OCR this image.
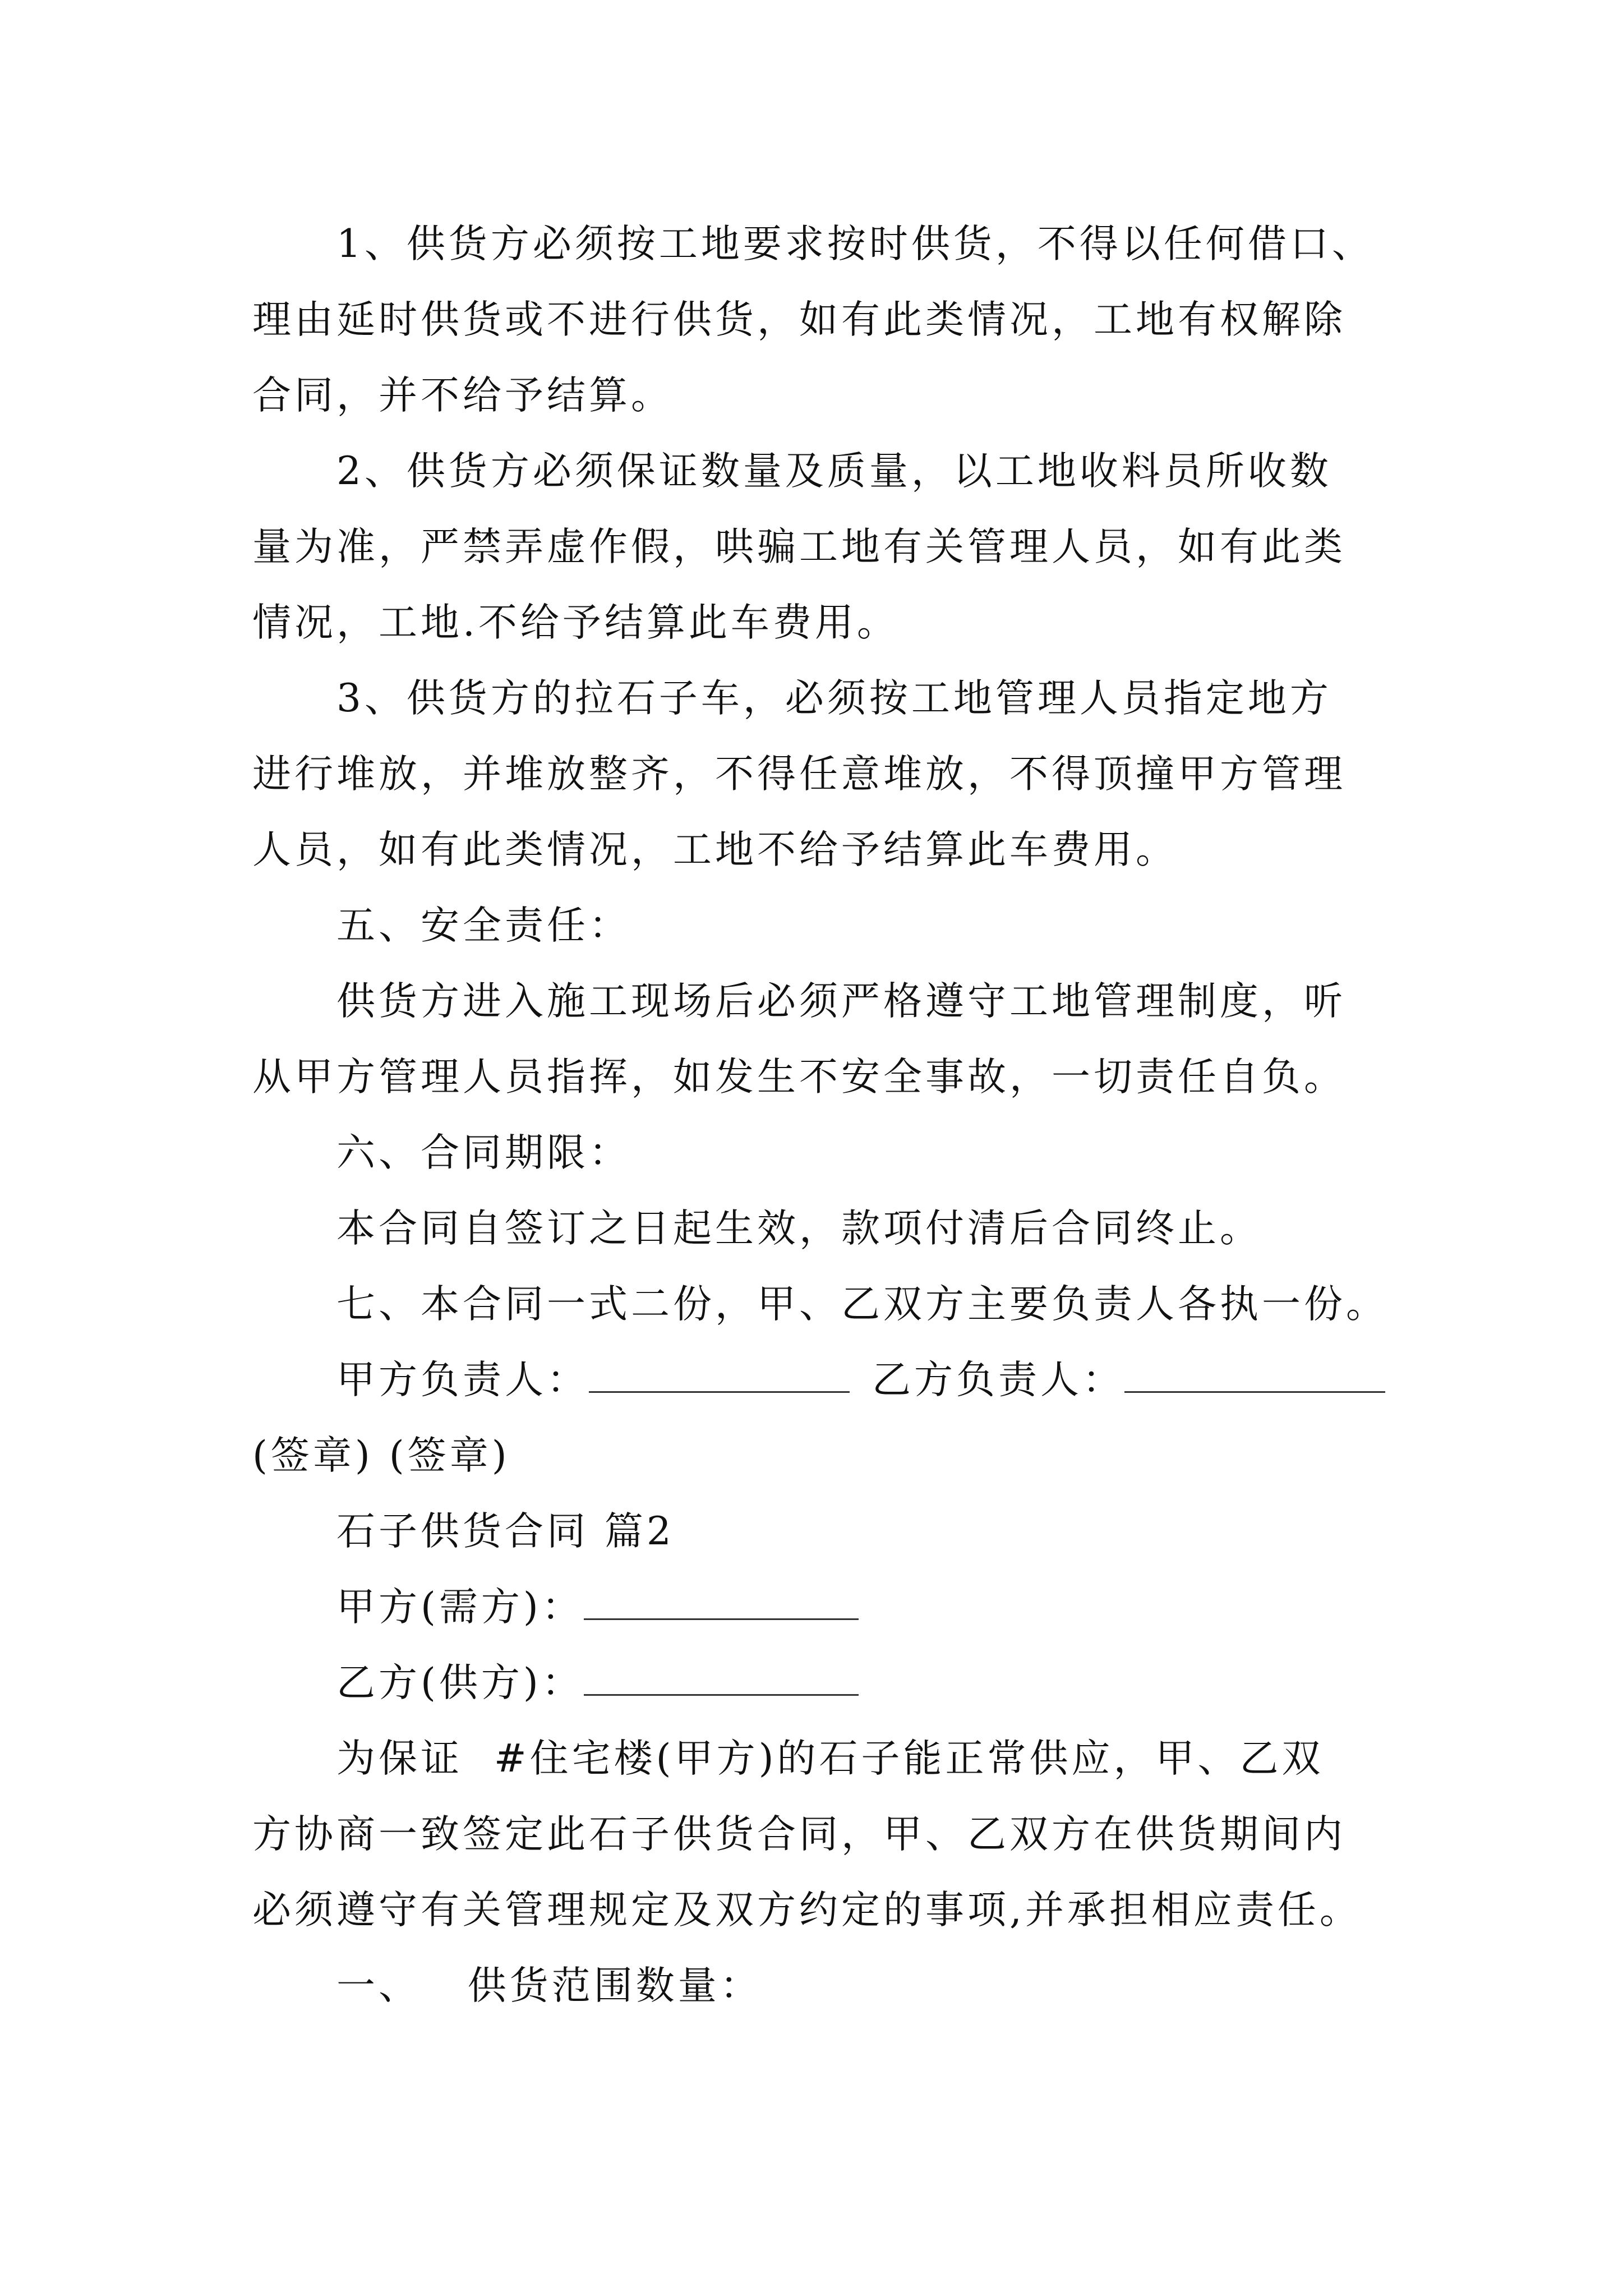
1、供货方必须按工地要求按时供货，不得以任何借口、
理由延时供货或不进行供货，如有此类情况，工地有权解除
合同，并不给予结算。
2、供货方必须保证数量及质量，以工地收料员所收数
量为准，严禁弄虚作假，哄骗工地有关管理人员，如有此类
情况，工地.不给予结算此车费用。
3、供货方的拉石子车，必须按工地管理人员指定地方
进行堆放，并堆放整齐，不得任意堆放，不得顶撞甲方管理
人员，如有此类情况，工地不给予结算此车费用。
五、安全责任：
供货方进入施工现场后必须严格遵守工地管理制度，听
从甲方管理人员指挥，如发生不安全事故，一切责任自负。
六、合同期限：
本合同自签订之日起生效，款项付清后合同终止。
七、本合同一式二份，甲、乙双方主要负责人各执一份。
甲方负责人：	乙方负责人：
(签章) (签章)
石子供货合同 篇2
甲方(需方)：
乙方(供方)：
为保证  #住宅楼(甲方)的石子能正常供应，甲、乙双
方协商一致签定此石子供货合同，甲、乙双方在供货期间内
必须遵守有关管理规定及双方约定的事项,并承担相应责任。
一、   供货范围数量：
